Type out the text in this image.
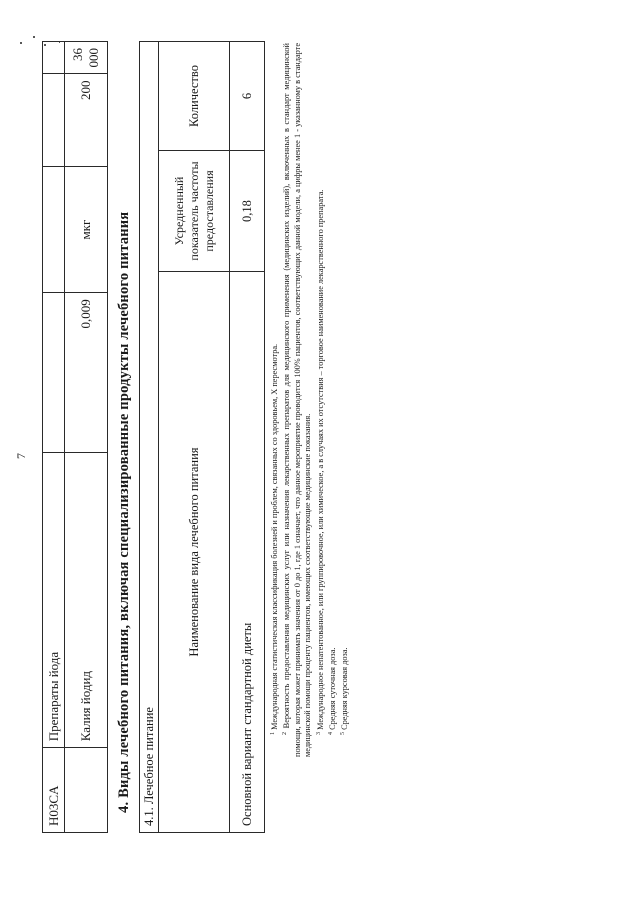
7
H03CA	Препараты йода				
	Калия йодид	0,009	мкг	200	36 000
4. Виды лечебного питания, включая специализированные продукты лечебного питания 4.1. Лечебное питание		
Наименование вида лечебного питания	Усредненный показатель частоты предоставления	Количество
Основной вариант стандартной диеты	0,18	6

$^1$ Международная статистическая классификация болезней и проблем, связанных со здоровьем, X пересмотра.

$^2$ Вероятность предоставления медицинских услуг или назначения лекарственных препаратов для медицинского применения (медицинских изделий), включенных в стандарт медицинской помощи, которая может принимать значения от 0 до 1, где 1 означает, что данное мероприятие проводится 100% пациентов, соответствующих данной модели, а цифры менее 1 - указанному в стандарте медицинской помощи проценту пациентов, имеющих соответствующие медицинские показания. $^3$ Международное непатентованное, или группировочное, или химическое, а в случаях их отсутствия – торговое наименование лекарственного препарата.

$^4$ Средняя суточная доза.

$^5$ Средняя курсовая доза.
